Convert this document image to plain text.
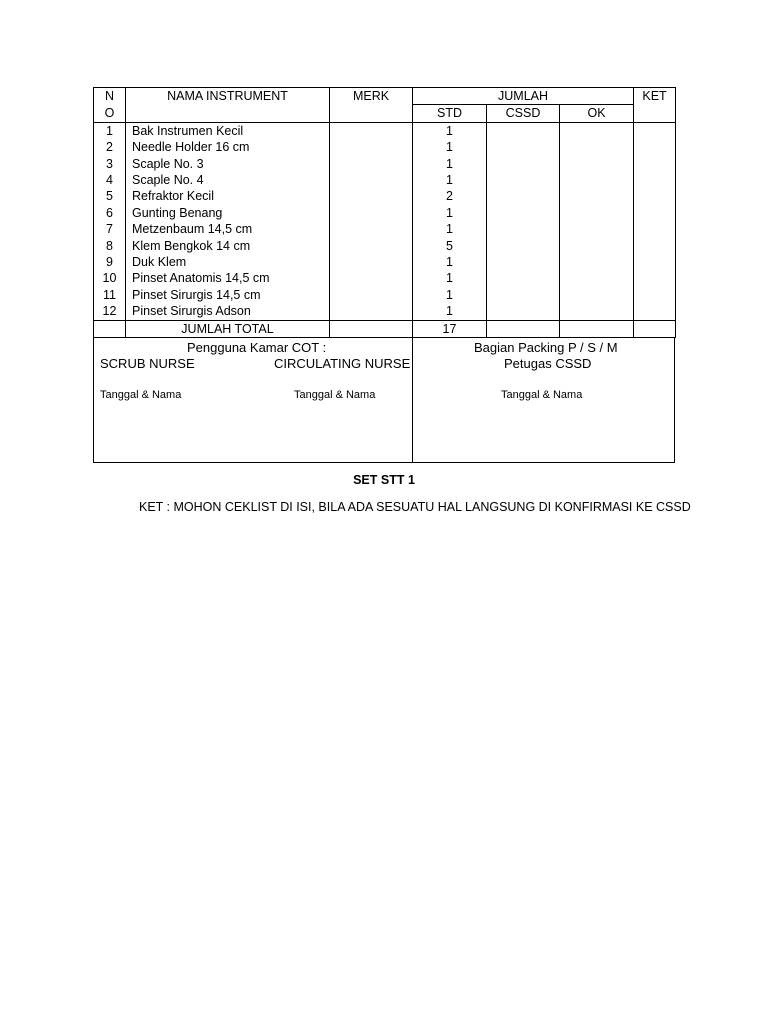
N	NAMA INSTRUMENT	MERK	JUMLAH			KET
O			STD	CSSD	OK	
1	Bak Instrumen Kecil		1			
2	Needle Holder 16 cm		1			
3	Scaple No. 3		1			
4	Scaple No. 4		1			
5	Refraktor Kecil		2			
6	Gunting Benang		1			
7	Metzenbaum 14,5 cm		1			
8	Klem Bengkok 14 cm		5			
9	Duk Klem		1			
10	Pinset Anatomis 14,5 cm		1			
11	Pinset Sirurgis 14,5 cm		1			
12	Pinset Sirurgis Adson		1			
	JUMLAH TOTAL		17			
Pengguna Kamar COT :
SCRUB NURSE	CIRCULATING NURSE
Tanggal & Nama	Tanggal & Nama
Bagian Packing P / S / M
Petugas CSSD
Tanggal & Nama
SET STT 1
KET : MOHON CEKLIST DI ISI, BILA ADA SESUATU HAL LANGSUNG DI KONFIRMASI KE CSSD
